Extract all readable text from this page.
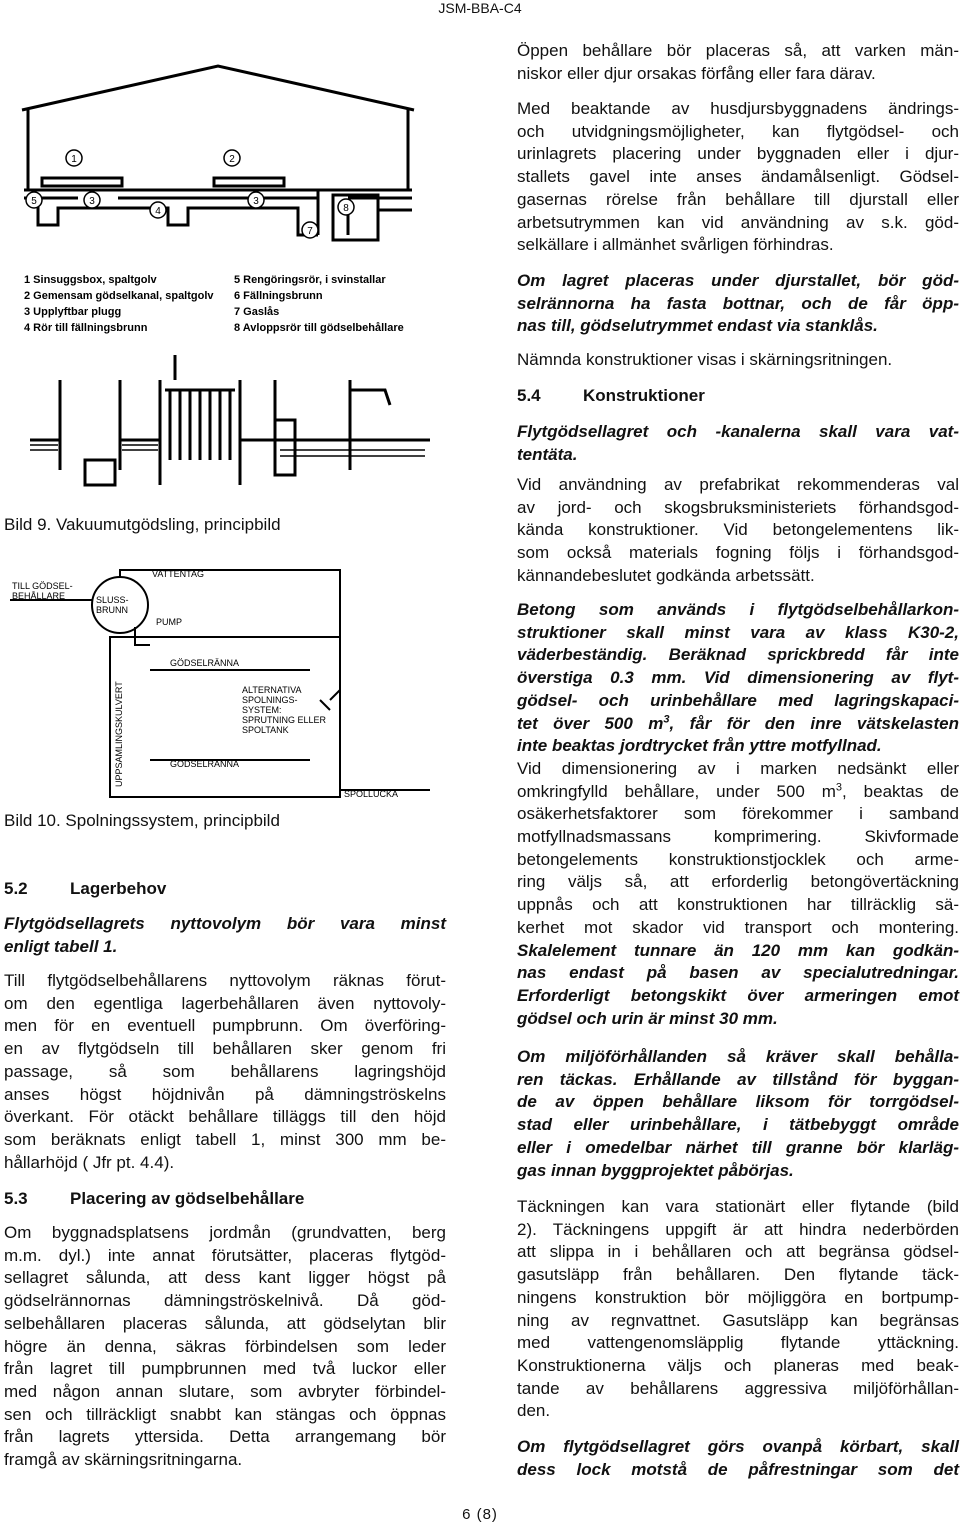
JSM-BBA-C4
1	2
5	3
4
3
7
8
1 Sinsuggsbox, spaltgolv
2 Gemensam gödselkanal, spaltgolv
3 Upplyftbar plugg
4 Rör till fällningsbrunn
5 Rengöringsrör, i svinstallar
6 Fällningsbrunn
7 Gaslås
8 Avloppsrör till gödselbehållare
Bild 9. Vakuumutgödsling, principbild
TILL GÖDSEL-
BEHÅLLARE
VATTENTAG
SLUSS-
BRUNN
PUMP
GÖDSELRÄNNA
ALTERNATIVA
SPOLNINGS-
SYSTEM:
SPRUTNING ELLER
SPOLTANK
GÖDSELRÄNNA
UPPSAMLINGSKULVERT
SPOLLUCKA
Bild 10. Spolningssystem, principbild
5.2 Lagerbehov

Flytgödsellagrets nyttovolym bör vara minst

enligt tabell 1.

Till flytgödselbehållarens nyttovolym räknas förut-

om den egentliga lagerbehållaren även nyttovoly-

men för en eventuell pumpbrunn. Om överföring-

en av flytgödseln till behållaren sker genom fri

passage, så som behållarens lagringshöjd

anses högst höjdnivån på dämningströskelns

överkant. För otäckt behållare tilläggs till den höjd

som beräknats enligt tabell 1, minst 300 mm be-

hållarhöjd ( Jfr pt. 4.4).

5.3 Placering av gödselbehållare

Om byggnadsplatsens jordmån (grundvatten, berg

m.m. dyl.) inte annat förutsätter, placeras flytgöd-

sellagret sålunda, att dess kant ligger högst på

gödselrännornas dämningströskelnivå. Då göd-

selbehållaren placeras sålunda, att gödselytan blir

högre än denna, säkras förbindelsen som leder

från lagret till pumpbrunnen med två luckor eller

med någon annan slutare, som avbryter förbindel-

sen och tillräckligt snabbt kan stängas och öppnas

från lagrets yttersida. Detta arrangemang bör

framgå av skärningsritningarna.

Öppen behållare bör placeras så, att varken män-

niskor eller djur orsakas förfång eller fara därav.

Med beaktande av husdjursbyggnadens ändrings-

och utvidgningsmöjligheter, kan flytgödsel- och

urinlagrets placering under byggnaden eller i djur-

stallets gavel inte anses ändamålsenligt. Gödsel-

gasernas rörelse från behållare till djurstall eller

arbetsutrymmen kan vid användning av s.k. göd-

selkällare i allmänhet svårligen förhindras.

Om lagret placeras under djurstallet, bör göd-

selrännorna ha fasta bottnar, och de får öpp-

nas till, gödselutrymmet endast via stanklås.

Nämnda konstruktioner visas i skärningsritningen.

5.4 Konstruktioner

Flytgödsellagret och -kanalerna skall vara vat-

tentäta.

Vid användning av prefabrikat rekommenderas val

av jord- och skogsbruksministeriets förhandsgod-

kända konstruktioner. Vid betongelementens lik-

som också materials fogning följs i förhandsgod-

kännandebeslutet godkända arbetssätt.

Betong som används i flytgödselbehållarkon-

struktioner skall minst vara av klass K30-2,

väderbeständig. Beräknad sprickbredd får inte

överstiga 0.3 mm. Vid dimensionering av flyt-

gödsel- och urinbehållare med lagringskapaci-

tet över 500 $m^3$, får för den inre vätskelasten

inte beaktas jordtrycket från yttre motfyllnad.

Vid dimensionering av i marken nedsänkt eller

omkringfylld behållare, under 500 $m^3$, beaktas de

osäkerhetsfaktorer som förekommer i samband

motfyllnadsmassans komprimering. Skivformade

betongelements konstruktionstjocklek och arme-

ring väljs så, att erforderlig betongövertäckning

uppnås och att konstruktionen har tillräcklig sä-

kerhet mot skador vid transport och montering.

Skalelement tunnare än 120 mm kan godkän-

nas endast på basen av specialutredningar.

Erforderligt betongskikt över armeringen emot

gödsel och urin är minst 30 mm.

Om miljöförhållanden så kräver skall behålla-

ren täckas. Erhållande av tillstånd för byggan-

de av öppen behållare liksom för torrgödsel-

stad eller urinbehållare, i tätbebyggt område

eller i omedelbar närhet till granne bör klarläg-

gas innan byggprojektet påbörjas.

Täckningen kan vara stationärt eller flytande (bild

2). Täckningens uppgift är att hindra nederbörden

att slippa in i behållaren och att begränsa gödsel-

gasutsläpp från behållaren. Den flytande täck-

ningens konstruktion bör möjliggöra en bortpump-

ning av regnvattnet. Gasutsläpp kan begränsas

med vattengenomsläpplig flytande yttäckning.

Konstruktionerna väljs och planeras med beak-

tande av behållarens aggressiva miljöförhållan-

den.

Om flytgödsellagret görs ovanpå körbart, skall

dess lock motstå de påfrestningar som det

6 (8)
